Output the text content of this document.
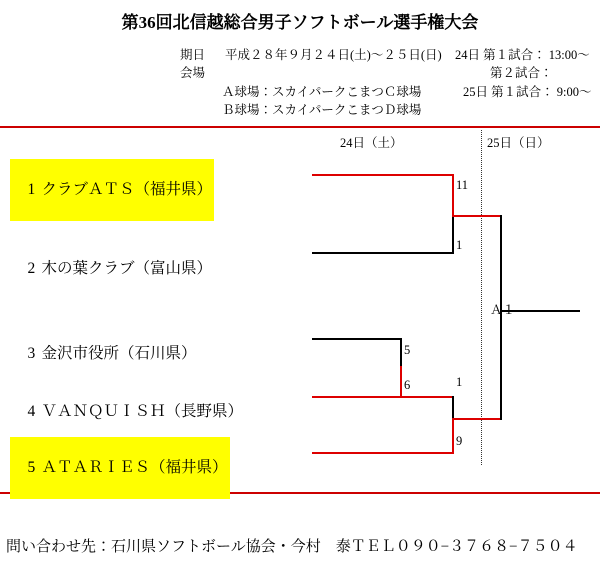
第36回北信越総合男子ソフトボール選手権大会
期日 平成２８年９月２４日(土)〜２５日(日)
会場
Ａ球場：スカイパークこまつＣ球場
Ｂ球場：スカイパークこまつＤ球場
24日 第１試合： 13:00〜
第２試合：
25日 第１試合： 9:00〜
24日（土）	25日（日）

1 クラブＡＴＳ（福井県）

2 木の葉クラブ（富山県）

3 金沢市役所（石川県）

4 ＶＡＮＱＵＩＳＨ（長野県）

5 ＡＴＡＲＩＥＳ（福井県）

11
1
5
6	1
9
Ａ１
問い合わせ先：石川県ソフトボール協会・今村　泰ＴＥＬ０９０−３７６８−７５０４
